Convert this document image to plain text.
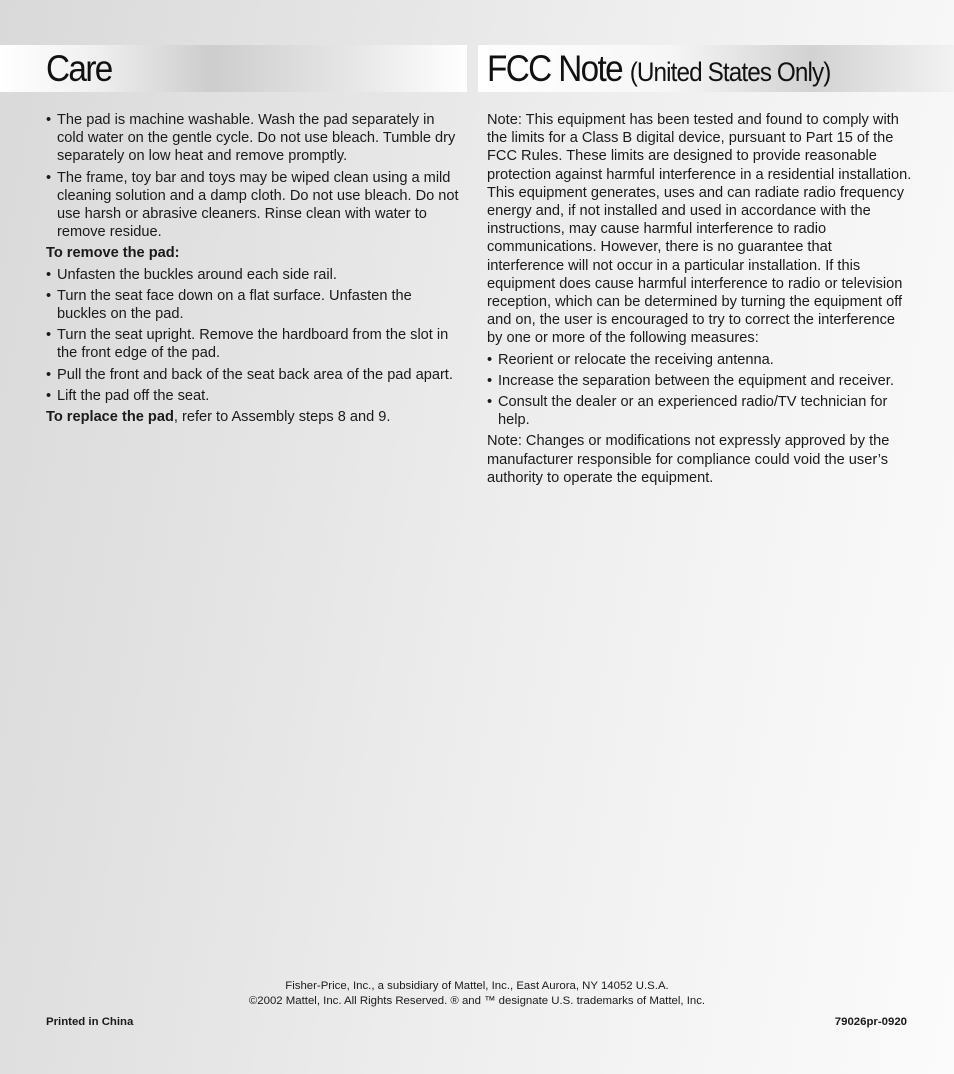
Care	FCC Note (United States Only)
• The pad is machine washable. Wash the pad separately in cold water on the gentle cycle. Do not use bleach. Tumble dry separately on low heat and remove promptly.
• The frame, toy bar and toys may be wiped clean using a mild cleaning solution and a damp cloth. Do not use bleach. Do not use harsh or abrasive cleaners. Rinse clean with water to remove residue.
To remove the pad:
• Unfasten the buckles around each side rail.
• Turn the seat face down on a flat surface. Unfasten the buckles on the pad.
• Turn the seat upright. Remove the hardboard from the slot in the front edge of the pad.
• Pull the front and back of the seat back area of the pad apart.
• Lift the pad off the seat.

To replace the pad, refer to Assembly steps 8 and 9.

Note: This equipment has been tested and found to comply with the limits for a Class B digital device, pursuant to Part 15 of the FCC Rules. These limits are designed to provide reasonable protection against harmful interference in a residential installation. This equipment generates, uses and can radiate radio frequency energy and, if not installed and used in accordance with the instructions, may cause harmful interference to radio communications. However, there is no guarantee that interference will not occur in a particular installation. If this equipment does cause harmful interference to radio or television reception, which can be determined by turning the equipment off and on, the user is encouraged to try to correct the interference by one or more of the following measures:

• Reorient or relocate the receiving antenna.
• Increase the separation between the equipment and receiver.
• Consult the dealer or an experienced radio/TV technician for help.

Note: Changes or modifications not expressly approved by the manufacturer responsible for compliance could void the user’s authority to operate the equipment.

Fisher-Price, Inc., a subsidiary of Mattel, Inc., East Aurora, NY 14052 U.S.A.
©2002 Mattel, Inc. All Rights Reserved. ® and ™ designate U.S. trademarks of Mattel, Inc.
Printed in China	79026pr-0920
